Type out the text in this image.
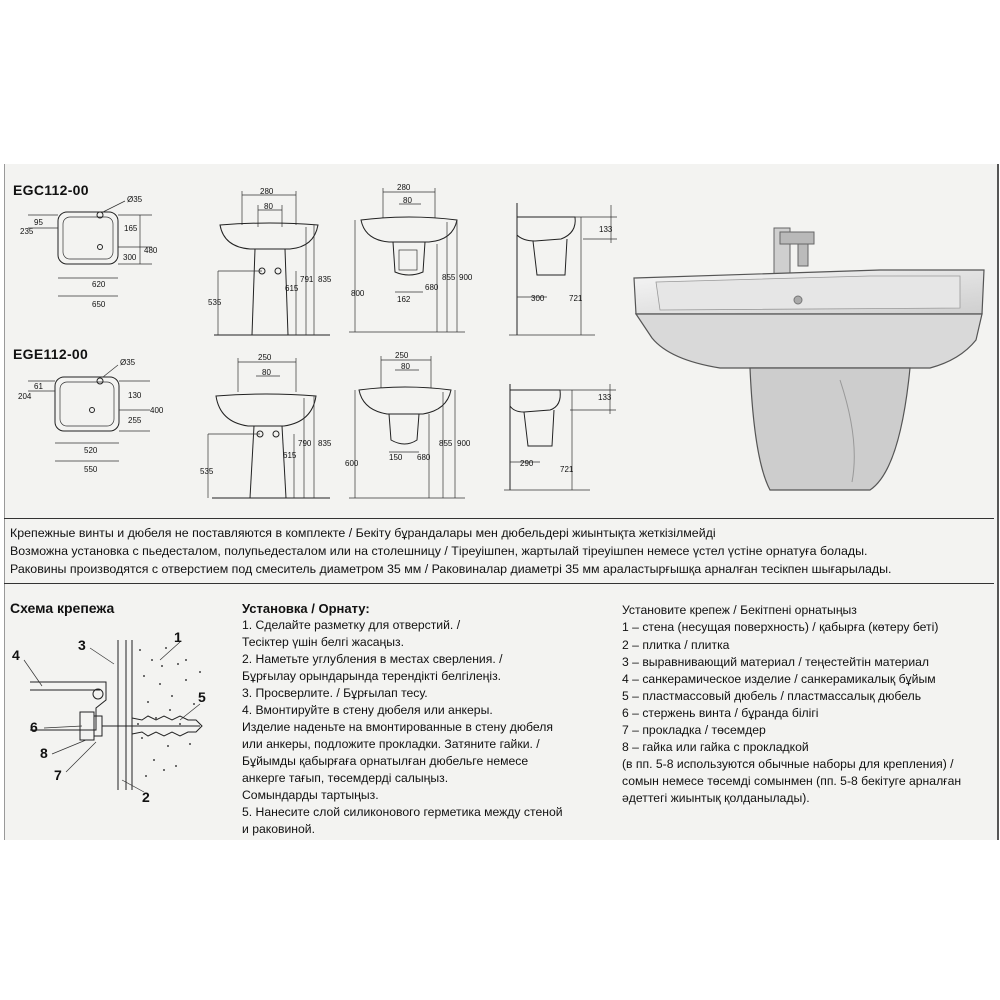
EGC112-00
EGE112-00
Ø35
95
235	165
300
480
620
650
280
80
535
615
791 835
280
80
800
162
680
855 900
133
300	721
Ø35
61
204	130
255
400
520
550
250
80
535
615
790 835
250
80
600
150 680
855 900
133
290
721
Крепежные винты и дюбеля не поставляются в комплекте / Бекіту бұрандалары мен дюбельдері жиынтықта жеткізілмейді
Возможна установка с пьедесталом, полупьедесталом или на столешницу / Тіреуішпен, жартылай тіреуішпен немесе үстел үстіне орнатуға болады.
Раковины производятся с отверстием под смеситель диаметром 35 мм / Раковиналар диаметрі 35 мм араластырғышқа арналған тесікпен шығарылады.
Схема крепежа
1
2
3
4
5
6
7
8
Установка / Орнату:
1. Сделайте разметку для отверстий. /
Тесіктер үшін белгі жасаңыз.
2. Наметьте углубления в местах сверления. /
Бұрғылау орындарында терендікті белгілеңіз.
3. Просверлите. / Бұрғылап тесу.
4. Вмонтируйте в стену дюбеля или анкеры.
Изделие наденьте на вмонтированные в стену дюбеля
или анкеры, подложите прокладки. Затяните гайки. /
Бұйымды қабырғаға орнатылған дюбельге немесе
анкерге тағып, төсемдерді салыңыз.
Сомындарды тартыңыз.
5. Нанесите слой силиконового герметика между стеной
и раковиной.
Установите крепеж / Бекітпені орнатыңыз
1 – стена (несущая поверхность) / қабырға (көтеру беті)
2 – плитка / плитка
3 – выравнивающий материал / теңестейтін материал
4 – санкерамическое изделие / санкерамикалық бұйым
5 – пластмассовый дюбель / пластмассалық дюбель
6 – стержень винта / бұранда білігі
7 – прокладка / төсемдер
8 – гайка или гайка с прокладкой
(в пп. 5-8 используются обычные наборы для крепления) /
сомын немесе төсемді сомынмен (пп. 5-8 бекітуге арналған
әдеттегі жиынтық қолданылады).
